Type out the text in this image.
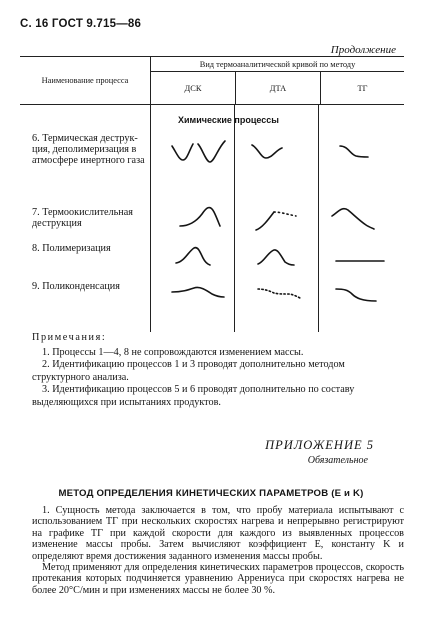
С. 16 ГОСТ 9.715—86
Продолжение
Наименование процесса	Вид термоаналитической кривой по методу		
	ДСК	ДТА	ТГ
Химические процессы
6. Термическая деструк-
ция, деполимеризация в
атмосфере инертного газа
7. Термоокислительная
деструкция
8. Полимеризация
9. Поликонденсация

Примечания:

1. Процессы 1—4, 8 не сопровождаются изменением массы.

2. Идентификацию процессов 1 и 3 проводят дополнительно методом структурного анализа.

3. Идентификацию процессов 5 и 6 проводят дополнительно по составу выделяющихся при испытаниях продуктов.

ПРИЛОЖЕНИЕ 5
Обязательное
МЕТОД ОПРЕДЕЛЕНИЯ КИНЕТИЧЕСКИХ ПАРАМЕТРОВ (E и K)

1. Сущность метода заключается в том, что пробу материала испытывают с использованием ТГ при нескольких скоростях нагрева и непрерывно регистрируют на графике ТГ при каждой скорости для каждого из выявленных процессов изменение массы пробы. Затем вычисляют коэффициент E, константу K и определяют время достижения заданного изменения массы пробы.

Метод применяют для определения кинетических параметров процессов, скорость протекания которых подчиняется уравнению Аррениуса при скоростях нагрева не более 20°С/мин и при изменениях массы не более 30 %.
